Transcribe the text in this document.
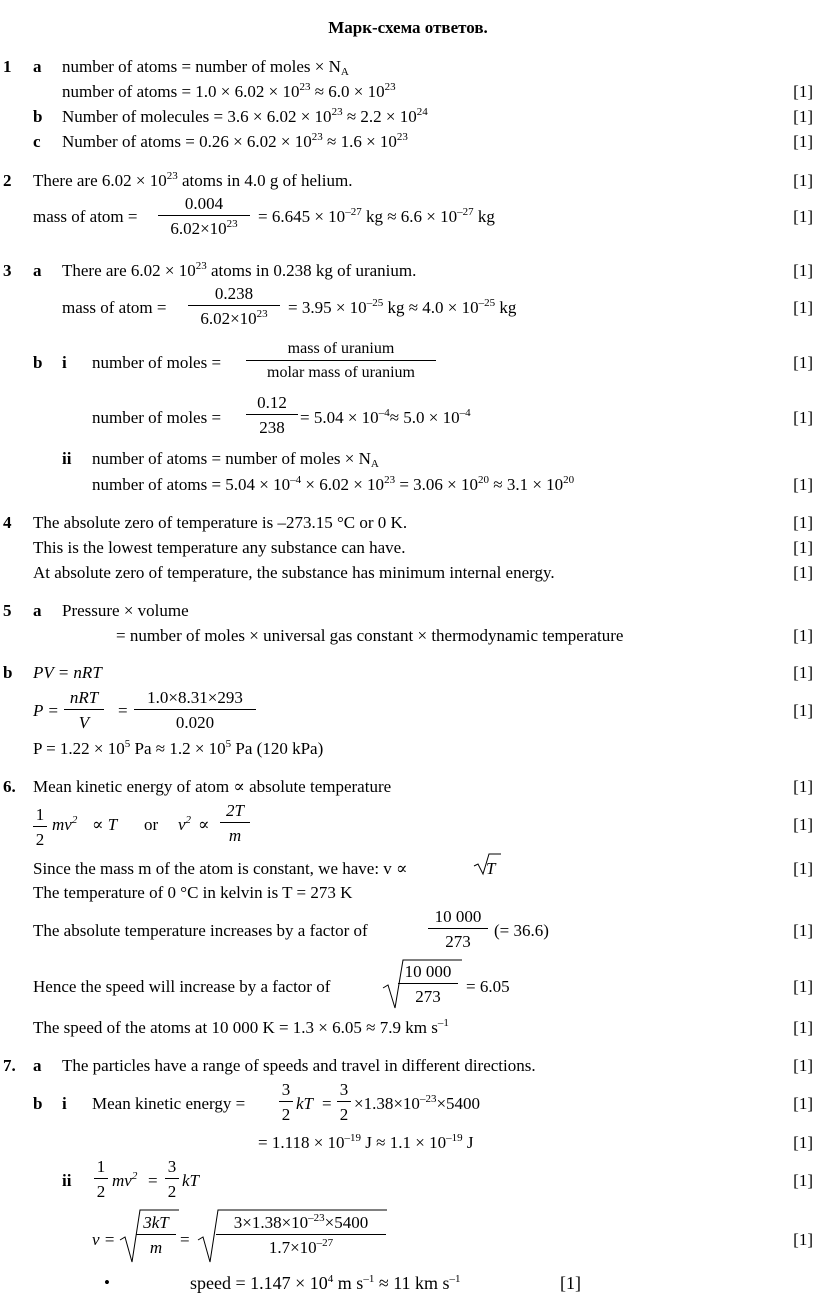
Марк-схема ответов.
1 a number of atoms = number of moles × $N_A$
number of atoms = $1.0 \times 6.02 \times 10^{23} \approx 6.0 \times 10^{23}$	[1]
b Number of molecules = $3.6 \times 6.02 \times 10^{23} \approx 2.2 \times 10^{24}$	[1]
c Number of atoms = $0.26 \times 6.02 \times 10^{23} \approx 1.6 \times 10^{23}$	[1]
2 There are $6.02 \times 10^{23}$ atoms in 4.0 g of helium.	[1]
mass of atom = $\frac{0.004}{6.02\times 10^{23}} = 6.645 \times 10^{-27}$ kg ≈ $6.6 \times 10^{-27}$ kg	[1]
3 a There are $6.02 \times 10^{23}$ atoms in 0.238 kg of uranium.	[1]
mass of atom = $\frac{0.238}{6.02\times 10^{23}} = 3.95 \times 10^{-25}$ kg ≈ $4.0 \times 10^{-25}$ kg	[1]
b i number of moles =
mass of uranium
molar mass of uranium
[1]
number of moles = $\frac{0.12}{238} = 5.04 \times 10^{-4}\approx 5.0 \times 10^{-4}$	[1]
ii number of atoms = number of moles × $N_A$
number of atoms = $5.04 \times 10^{-4} \times 6.02 \times 10^{23} = 3.06 \times 10^{20} \approx 3.1 \times 10^{20}$	[1]
4 The absolute zero of temperature is –273.15 °C or 0 K.	[1]
This is the lowest temperature any substance can have.	[1]
At absolute zero of temperature, the substance has minimum internal energy.	[1]
5 a Pressure × volume
= number of moles × universal gas constant × thermodynamic temperature	[1]
b PV = nRT	[1]
P =
nRT
V
= $\frac{1.0\times 8.31\times 293}{0.020}$	[1]
$P = 1.22 \times 10^5$ $Pa \approx 1.2 \times 10^5$ Pa (120 kPa)
6. Mean kinetic energy of atom ∝ absolute temperature	[1]
$\frac{1}{2} mv^2 \propto T$ or $v^2 \propto \frac{2T}{m}$	[1]
Since the mass m of the atom is constant, we have: v ∝	T	[1]
The temperature of 0 °C in kelvin is T = 273 K
The absolute temperature increases by a factor of	$\frac{10 000}{273}$ (= 36.6)	[1]
Hence the speed will increase by a factor of	$\frac{10 000}{273} = 6.05$	[1]
The speed of the atoms at 10 000 K = 1.3 × 6.05 ≈ 7.9 km $s^{-1}$	[1]
7. a The particles have a range of speeds and travel in different directions.	[1]
b i Mean kinetic energy = $\frac{3}{2}$ kT = $\frac{3}{2} \times 1.38\times 10^{-23}\times 5400$	[1]
= $1.118 \times 10^{-19}$ $J \approx 1.1 \times 10^{-19}$ J	[1]
ii $\frac{1}{2} mv^2 = \frac{3}{2}$ kT	[1]
$v = \frac{3kT}{m} = \frac{3\times 1.38\times 10^{-23}\times 5400}{1.7\times 10^{-27}}$	[1]
•	speed = $1.147 \times 10^4$ m $s^{-1} \approx 11$ km $s^{-1}$	[1]
